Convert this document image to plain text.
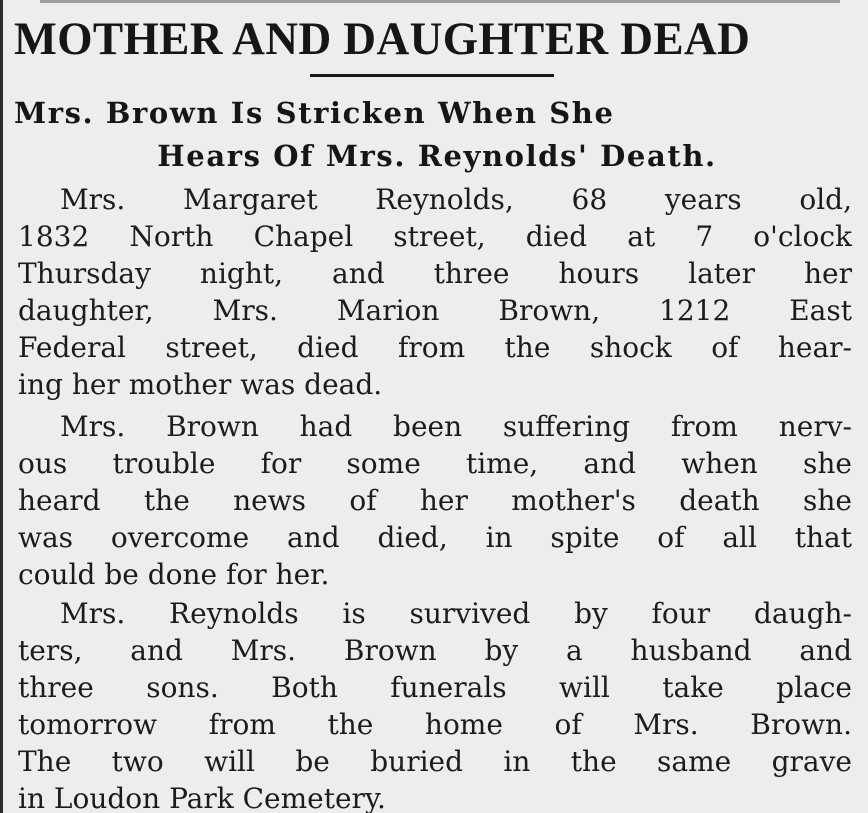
MOTHER AND DAUGHTER DEAD
Mrs. Brown Is Stricken When She
Hears Of Mrs. Reynolds' Death.

Mrs. Margaret Reynolds, 68 years old,

1832 North Chapel street, died at 7 o'clock

Thursday night, and three hours later her

daughter, Mrs. Marion Brown, 1212 East

Federal street, died from the shock of hear-

ing her mother was dead.

Mrs. Brown had been suffering from nerv-

ous trouble for some time, and when she

heard the news of her mother's death she

was overcome and died, in spite of all that

could be done for her.

Mrs. Reynolds is survived by four daugh-

ters, and Mrs. Brown by a husband and

three sons. Both funerals will take place

tomorrow from the home of Mrs. Brown.

The two will be buried in the same grave

in Loudon Park Cemetery.
